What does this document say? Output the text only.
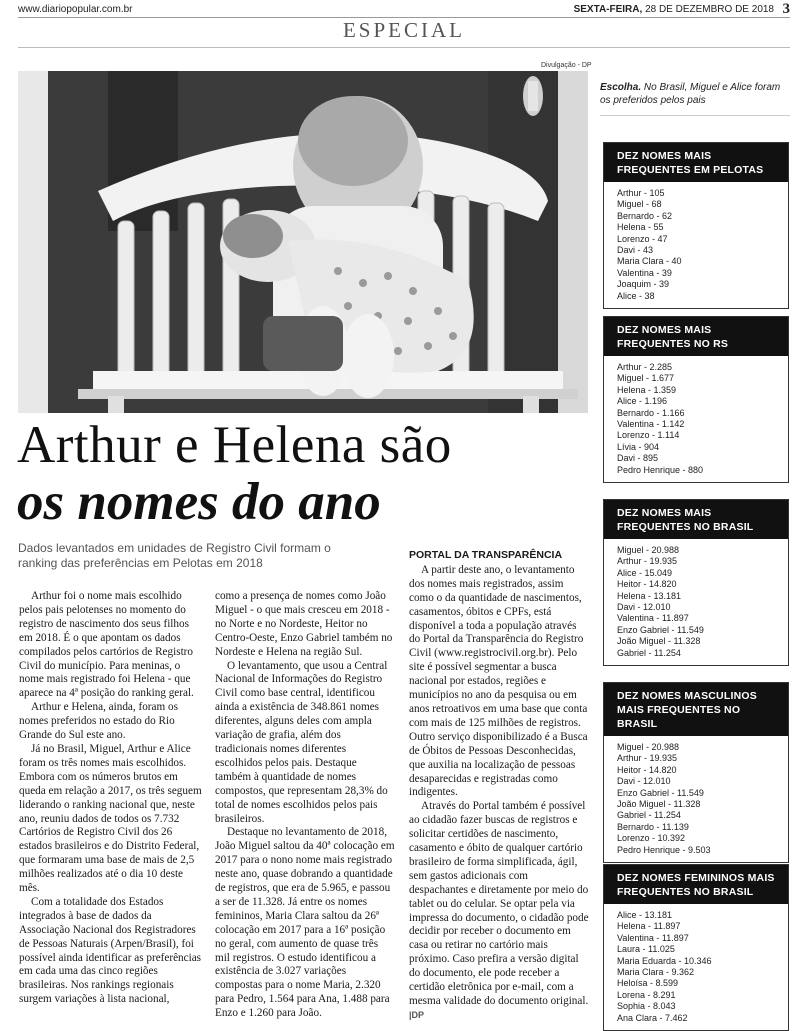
www.diariopopular.com.br	SEXTA-FEIRA, 28 DE DEZEMBRO DE 2018 3
ESPECIAL
Divulgação - DP
Escolha. No Brasil, Miguel e Alice foram os preferidos pelos pais
DEZ NOMES MAIS FREQUENTES EM PELOTAS
Arthur - 105
Miguel - 68
Bernardo - 62
Helena - 55
Lorenzo - 47
Davi - 43
Maria Clara - 40
Valentina - 39
Joaquim - 39
Alice - 38
DEZ NOMES MAIS FREQUENTES NO RS
Arthur - 2.285
Miguel - 1.677
Helena - 1.359
Alice - 1.196
Bernardo - 1.166
Valentina - 1.142
Lorenzo - 1.114
Lívia - 904
Davi - 895
Pedro Henrique - 880
DEZ NOMES MAIS FREQUENTES NO BRASIL
Miguel - 20.988
Arthur - 19.935
Alice - 15.049
Heitor - 14.820
Helena - 13.181
Davi - 12.010
Valentina - 11.897
Enzo Gabriel - 11.549
João Miguel - 11.328
Gabriel - 11.254
DEZ NOMES MASCULINOS MAIS FREQUENTES NO BRASIL
Miguel - 20.988
Arthur - 19.935
Heitor - 14.820
Davi - 12.010
Enzo Gabriel - 11.549
João Miguel - 11.328
Gabriel - 11.254
Bernardo - 11.139
Lorenzo - 10.392
Pedro Henrique - 9.503
DEZ NOMES FEMININOS MAIS FREQUENTES NO BRASIL
Alice - 13.181
Helena - 11.897
Valentina - 11.897
Laura - 11.025
Maria Eduarda - 10.346
Maria Clara - 9.362
Heloísa - 8.599
Lorena - 8.291
Sophia - 8.043
Ana Clara - 7.462
Arthur e Helena são
os nomes do ano
Dados levantados em unidades de Registro Civil formam o ranking das preferências em Pelotas em 2018

Arthur foi o nome mais escolhido pelos pais pelotenses no momento do registro de nascimento dos seus filhos em 2018. É o que apontam os dados compilados pelos cartórios de Registro Civil do município. Para meninas, o nome mais registrado foi Helena - que aparece na 4ª posição do ranking geral.

Arthur e Helena, ainda, foram os nomes preferidos no estado do Rio Grande do Sul este ano.

Já no Brasil, Miguel, Arthur e Alice foram os três nomes mais escolhidos. Embora com os números brutos em queda em relação a 2017, os três seguem liderando o ranking nacional que, neste ano, reuniu dados de todos os 7.732 Cartórios de Registro Civil dos 26 estados brasileiros e do Distrito Federal, que formaram uma base de mais de 2,5 milhões realizados até o dia 10 deste mês.

Com a totalidade dos Estados integrados à base de dados da Associação Nacional dos Registradores de Pessoas Naturais (Arpen/Brasil), foi possível ainda identificar as preferências em cada uma das cinco regiões brasileiras. Nos rankings regionais surgem variações à lista nacional,

como a presença de nomes como João Miguel - o que mais cresceu em 2018 - no Norte e no Nordeste, Heitor no Centro-Oeste, Enzo Gabriel também no Nordeste e Helena na região Sul.

O levantamento, que usou a Central Nacional de Informações do Registro Civil como base central, identificou ainda a existência de 348.861 nomes diferentes, alguns deles com ampla variação de grafia, além dos tradicionais nomes diferentes escolhidos pelos pais. Destaque também à quantidade de nomes compostos, que representam 28,3% do total de nomes escolhidos pelos pais brasileiros.

Destaque no levantamento de 2018, João Miguel saltou da 40ª colocação em 2017 para o nono nome mais registrado neste ano, quase dobrando a quantidade de registros, que era de 5.965, e passou a ser de 11.328. Já entre os nomes femininos, Maria Clara saltou da 26ª colocação em 2017 para a 16ª posição no geral, com aumento de quase três mil registros. O estudo identificou a existência de 3.027 variações compostas para o nome Maria, 2.320 para Pedro, 1.564 para Ana, 1.488 para Enzo e 1.260 para João.

PORTAL DA TRANSPARÊNCIA

A partir deste ano, o levantamento dos nomes mais registrados, assim como o da quantidade de nascimentos, casamentos, óbitos e CPFs, está disponível a toda a população através do Portal da Transparência do Registro Civil (www.registrocivil.org.br). Pelo site é possível segmentar a busca nacional por estados, regiões e municípios no ano da pesquisa ou em anos retroativos em uma base que conta com mais de 125 milhões de registros. Outro serviço disponibilizado é a Busca de Óbitos de Pessoas Desconhecidas, que auxilia na localização de pessoas desaparecidas e registradas como indigentes.

Através do Portal também é possível ao cidadão fazer buscas de registros e solicitar certidões de nascimento, casamento e óbito de qualquer cartório brasileiro de forma simplificada, ágil, sem gastos adicionais com despachantes e diretamente por meio do tablet ou do celular. Se optar pela via impressa do documento, o cidadão pode decidir por receber o documento em casa ou retirar no cartório mais próximo. Caso prefira a versão digital do documento, ele pode receber a certidão eletrônica por e-mail, com a mesma validade do documento original. |DP
